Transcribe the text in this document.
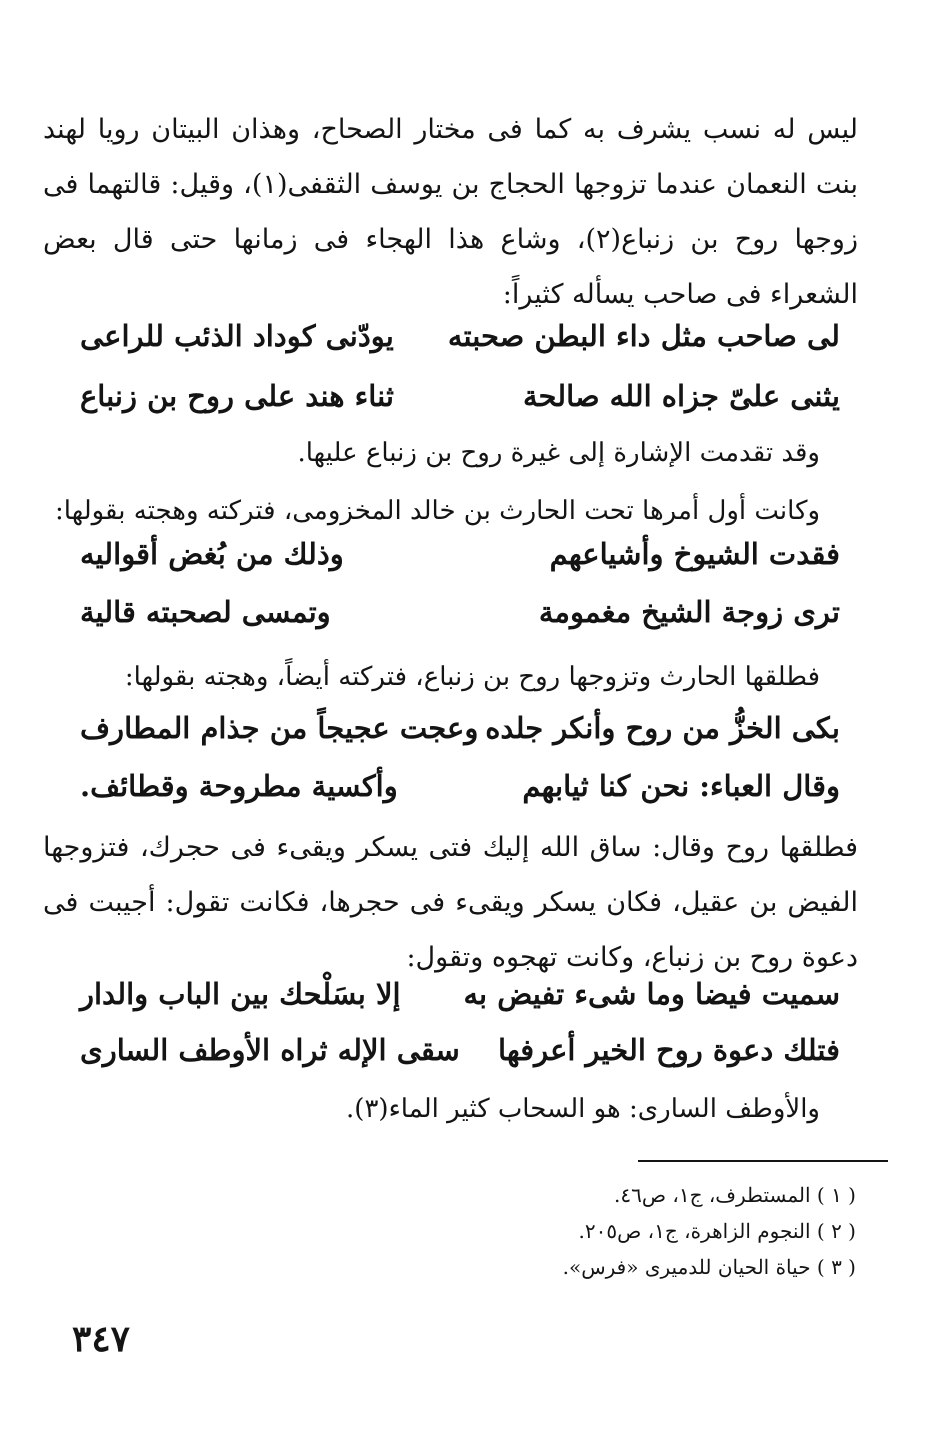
ليس له نسب يشرف به كما فى مختار الصحاح، وهذان البيتان رويا لهند بنت النعمان عندما تزوجها الحجاج بن يوسف الثقفى(١)، وقيل: قالتهما فى زوجها روح بن زنباع(٢)، وشاع هذا الهجاء فى زمانها حتى قال بعض الشعراء فى صاحب يسأله كثيراً:
لى صاحب مثل داء البطن صحبته
يودّنى كوداد الذئب للراعى
يثنى علىّ جزاه الله صالحة
ثناء هند على روح بن زنباع
وقد تقدمت الإشارة إلى غيرة روح بن زنباع عليها.
وكانت أول أمرها تحت الحارث بن خالد المخزومى، فتركته وهجته بقولها:
فقدت الشيوخ وأشياعهم
وذلك من بُغض أقواليه
ترى زوجة الشيخ مغمومة
وتمسى لصحبته قالية
فطلقها الحارث وتزوجها روح بن زنباع، فتركته أيضاً، وهجته بقولها:
بكى الخزُّ من روح وأنكر جلده
وعجت عجيجاً من جذام المطارف
وقال العباء: نحن كنا ثيابهم
وأكسية مطروحة وقطائف.
فطلقها روح وقال: ساق الله إليك فتى يسكر ويقىء فى حجرك، فتزوجها الفيض بن عقيل، فكان يسكر ويقىء فى حجرها، فكانت تقول: أجيبت فى دعوة روح بن زنباع، وكانت تهجوه وتقول:
سميت فيضا وما شىء تفيض به
إلا بسَلْحك بين الباب والدار
فتلك دعوة روح الخير أعرفها
سقى الإله ثراه الأوطف السارى
والأوطف السارى: هو السحاب كثير الماء(٣).
( ١ ) المستطرف، ج١، ص٤٦.
( ٢ ) النجوم الزاهرة، ج١، ص٢٠٥.
( ٣ ) حياة الحيان للدميرى «فرس».
٣٤٧
